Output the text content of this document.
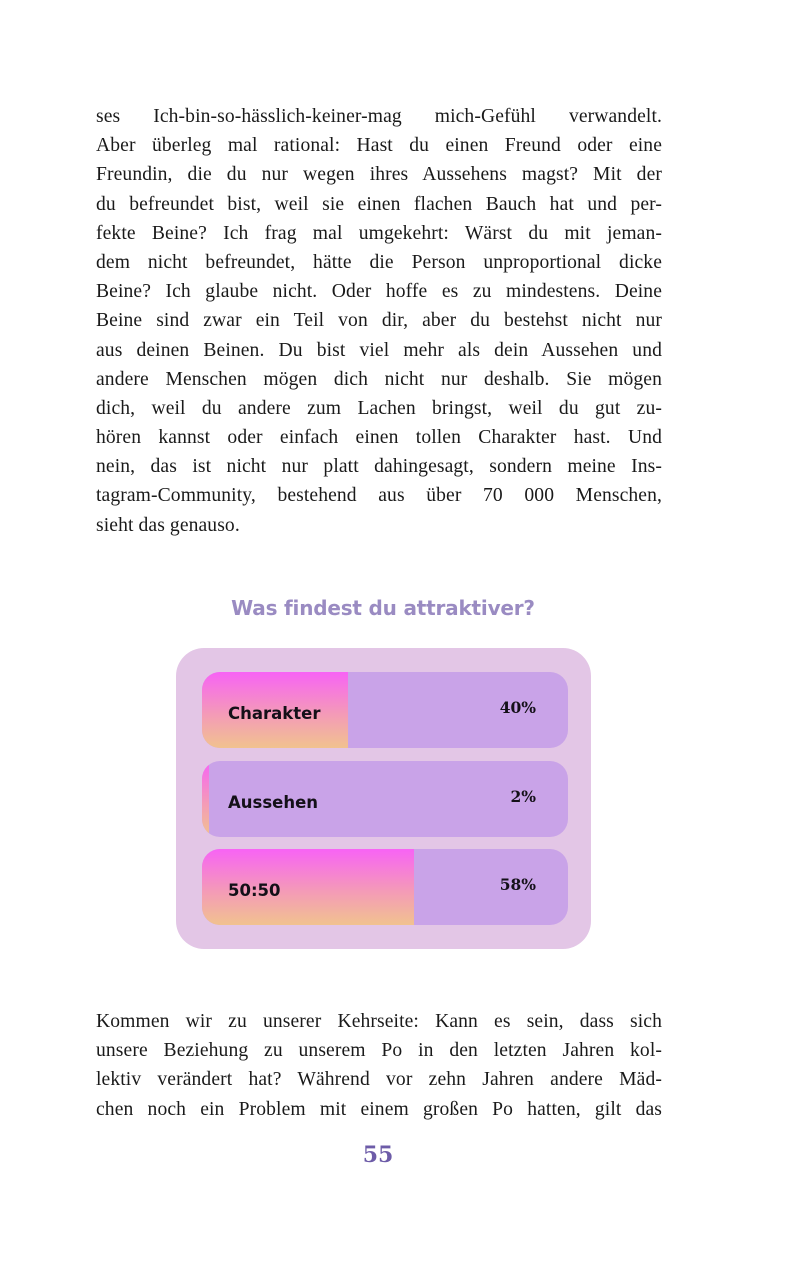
ses Ich-bin-so-hässlich-keiner-mag mich-Gefühl verwandelt.
Aber überleg mal rational: Hast du einen Freund oder eine
Freundin, die du nur wegen ihres Aussehens magst? Mit der
du befreundet bist, weil sie einen flachen Bauch hat und per-
fekte Beine? Ich frag mal umgekehrt: Wärst du mit jeman-
dem nicht befreundet, hätte die Person unproportional dicke
Beine? Ich glaube nicht. Oder hoffe es zu mindestens. Deine
Beine sind zwar ein Teil von dir, aber du bestehst nicht nur
aus deinen Beinen. Du bist viel mehr als dein Aussehen und
andere Menschen mögen dich nicht nur deshalb. Sie mögen
dich, weil du andere zum Lachen bringst, weil du gut zu-
hören kannst oder einfach einen tollen Charakter hast. Und
nein, das ist nicht nur platt dahingesagt, sondern meine Ins-
tagram-Community, bestehend aus über 70 000 Menschen,
sieht das genauso.
Was findest du attraktiver?
Charakter	40%
Aussehen	2%
50:50	58%
Kommen wir zu unserer Kehrseite: Kann es sein, dass sich
unsere Beziehung zu unserem Po in den letzten Jahren kol-
lektiv verändert hat? Während vor zehn Jahren andere Mäd-
chen noch ein Problem mit einem großen Po hatten, gilt das
55
